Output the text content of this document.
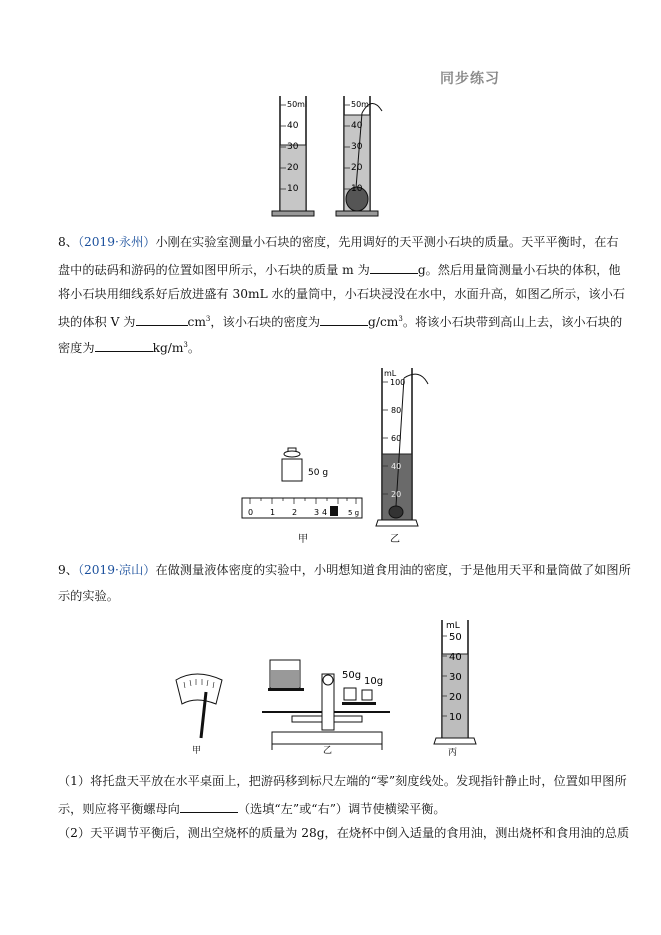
同步练习
50ml
40
30
20
10
50m
40
30
20
10
8、（2019·永州）小刚在实验室测量小石块的密度，先用调好的天平测小石块的质量。天平平衡时，在右
盘中的砝码和游码的位置如图甲所示，小石块的质量 m 为	g。然后用量筒测量小石块的体积，他
将小石块用细线系好后放进盛有 30mL 水的量筒中，小石块浸没在水中，水面升高，如图乙所示，该小石
块的体积 V 为	$cm^3$，该小石块的密度为	$g/cm^3$。将该小石块带到高山上去，该小石块的
密度为	$kg/m^3$。
50 g
0 1 2 3 4	5 g
甲
mL
100
80
60
40
20
乙
9、（2019·凉山）在做测量液体密度的实验中，小明想知道食用油的密度，于是他用天平和量筒做了如图所
示的实验。
甲
50g
10g
乙
mL
50
40
30
20
10
丙
（1）将托盘天平放在水平桌面上，把游码移到标尺左端的“零”刻度线处。发现指针静止时，位置如甲图所
示，则应将平衡螺母向	（选填“左”或“右”）调节使横梁平衡。
（2）天平调节平衡后，测出空烧杯的质量为 28g，在烧杯中倒入适量的食用油，测出烧杯和食用油的总质
